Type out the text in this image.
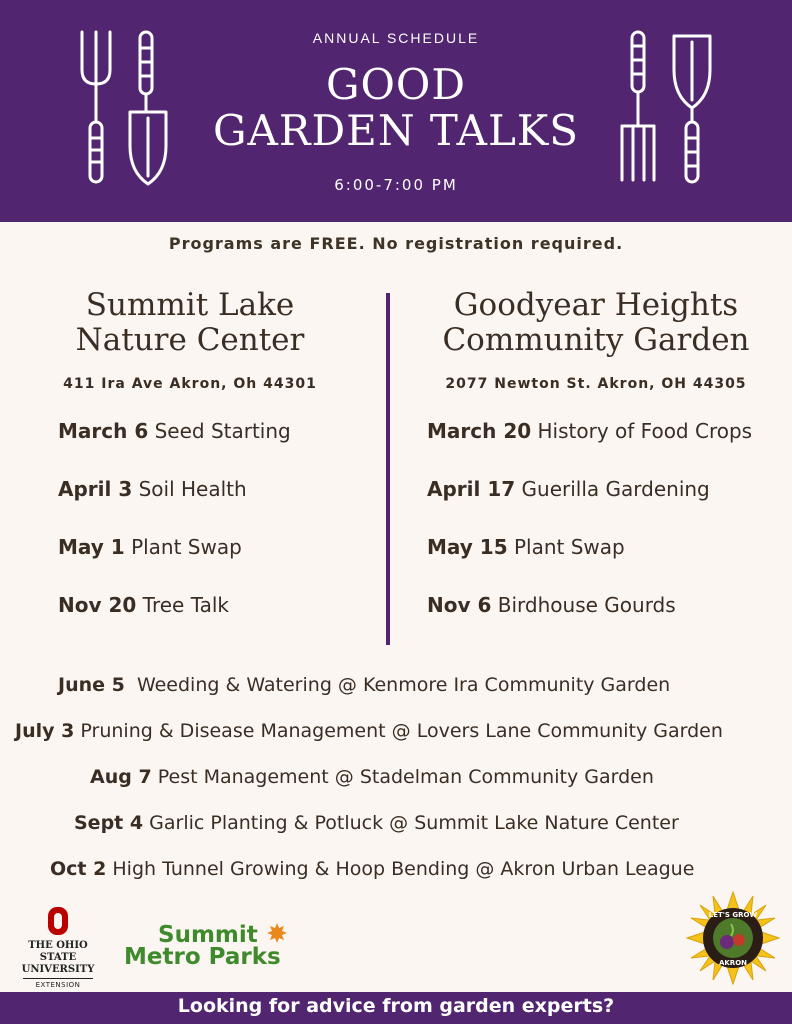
ANNUAL SCHEDULE
GOOD
GARDEN TALKS
6:00-7:00 PM
Programs are FREE. No registration required.
Summit Lake
Nature Center
411 Ira Ave Akron, Oh 44301
March 6 Seed Starting
April 3 Soil Health
May 1 Plant Swap
Nov 20 Tree Talk
Goodyear Heights
Community Garden
2077 Newton St. Akron, OH 44305
March 20 History of Food Crops
April 17 Guerilla Gardening
May 15 Plant Swap
Nov 6 Birdhouse Gourds
June 5 Weeding & Watering @ Kenmore Ira Community Garden
July 3 Pruning & Disease Management @ Lovers Lane Community Garden
Aug 7 Pest Management @ Stadelman Community Garden
Sept 4 Garlic Planting & Potluck @ Summit Lake Nature Center
Oct 2 High Tunnel Growing & Hoop Bending @ Akron Urban League
THE OHIO STATE
UNIVERSITY
EXTENSION
Summit
Metro Parks
LET'S GROW
AKRON
Looking for advice from garden experts?
